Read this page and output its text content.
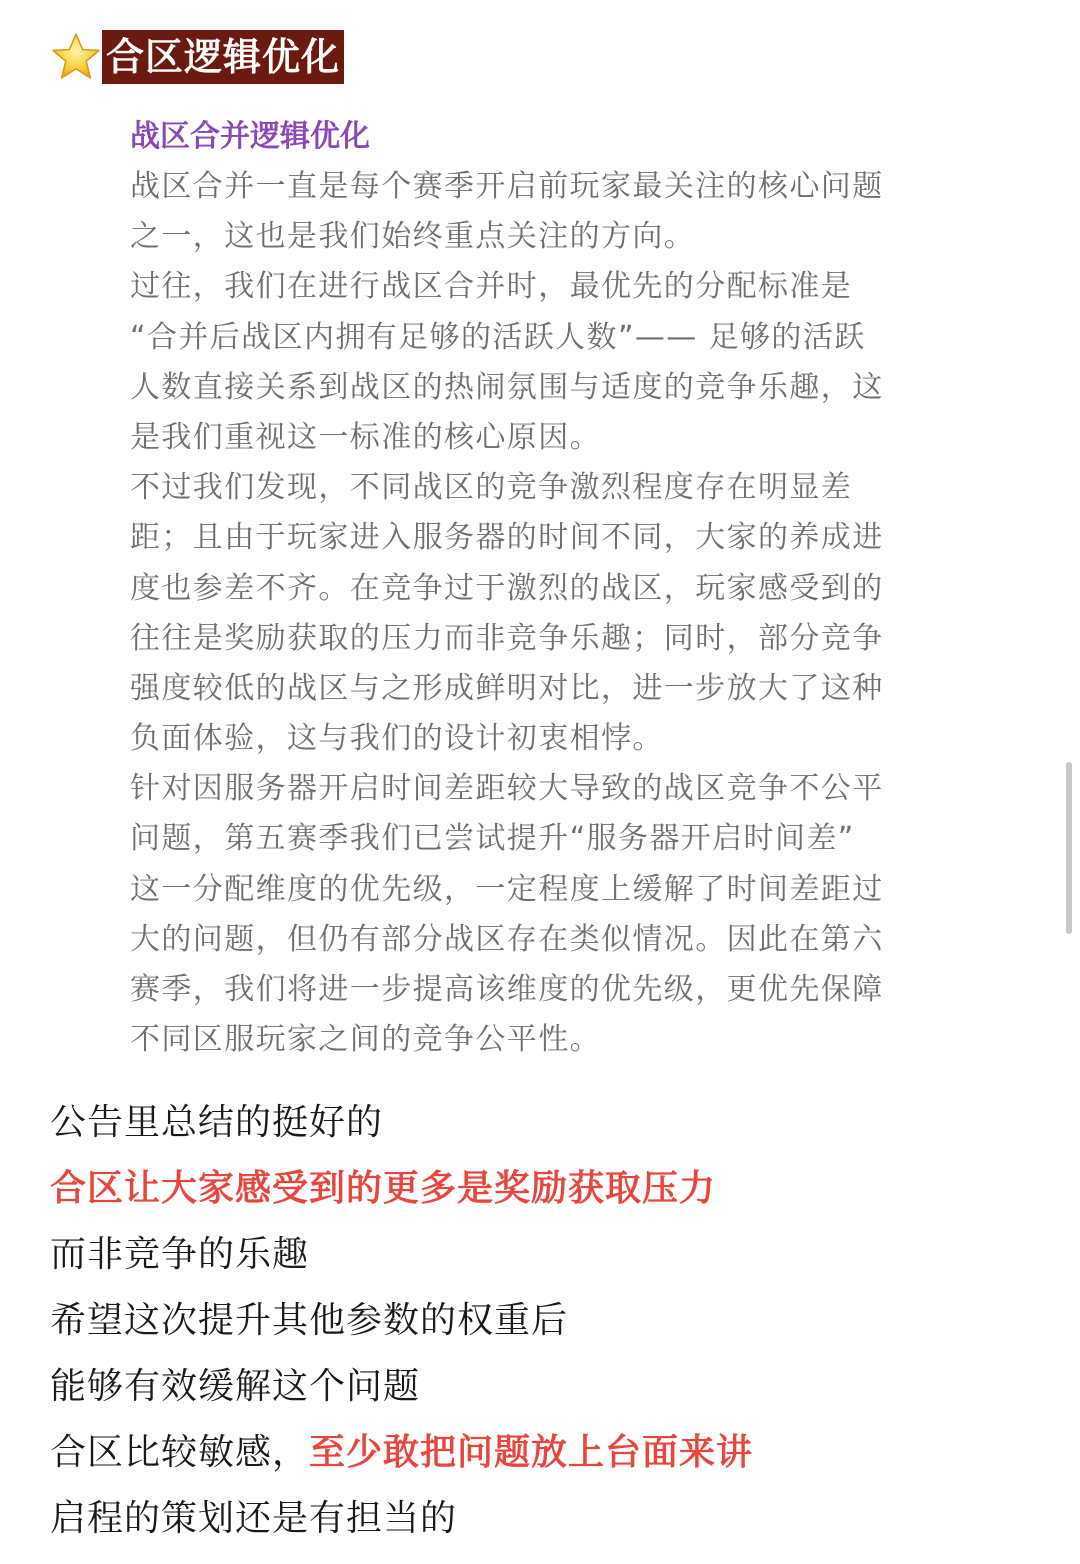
合区逻辑优化
战区合并逻辑优化
战区合并一直是每个赛季开启前玩家最关注的核心问题
之一，这也是我们始终重点关注的方向。
过往，我们在进行战区合并时，最优先的分配标准是
“合并后战区内拥有足够的活跃人数”—— 足够的活跃
人数直接关系到战区的热闹氛围与适度的竞争乐趣，这
是我们重视这一标准的核心原因。
不过我们发现，不同战区的竞争激烈程度存在明显差
距；且由于玩家进入服务器的时间不同，大家的养成进
度也参差不齐。在竞争过于激烈的战区，玩家感受到的
往往是奖励获取的压力而非竞争乐趣；同时，部分竞争
强度较低的战区与之形成鲜明对比，进一步放大了这种
负面体验，这与我们的设计初衷相悖。
针对因服务器开启时间差距较大导致的战区竞争不公平
问题，第五赛季我们已尝试提升“服务器开启时间差”
这一分配维度的优先级，一定程度上缓解了时间差距过
大的问题，但仍有部分战区存在类似情况。因此在第六
赛季，我们将进一步提高该维度的优先级，更优先保障
不同区服玩家之间的竞争公平性。
公告里总结的挺好的
合区让大家感受到的更多是奖励获取压力
而非竞争的乐趣
希望这次提升其他参数的权重后
能够有效缓解这个问题
合区比较敏感，至少敢把问题放上台面来讲
启程的策划还是有担当的
